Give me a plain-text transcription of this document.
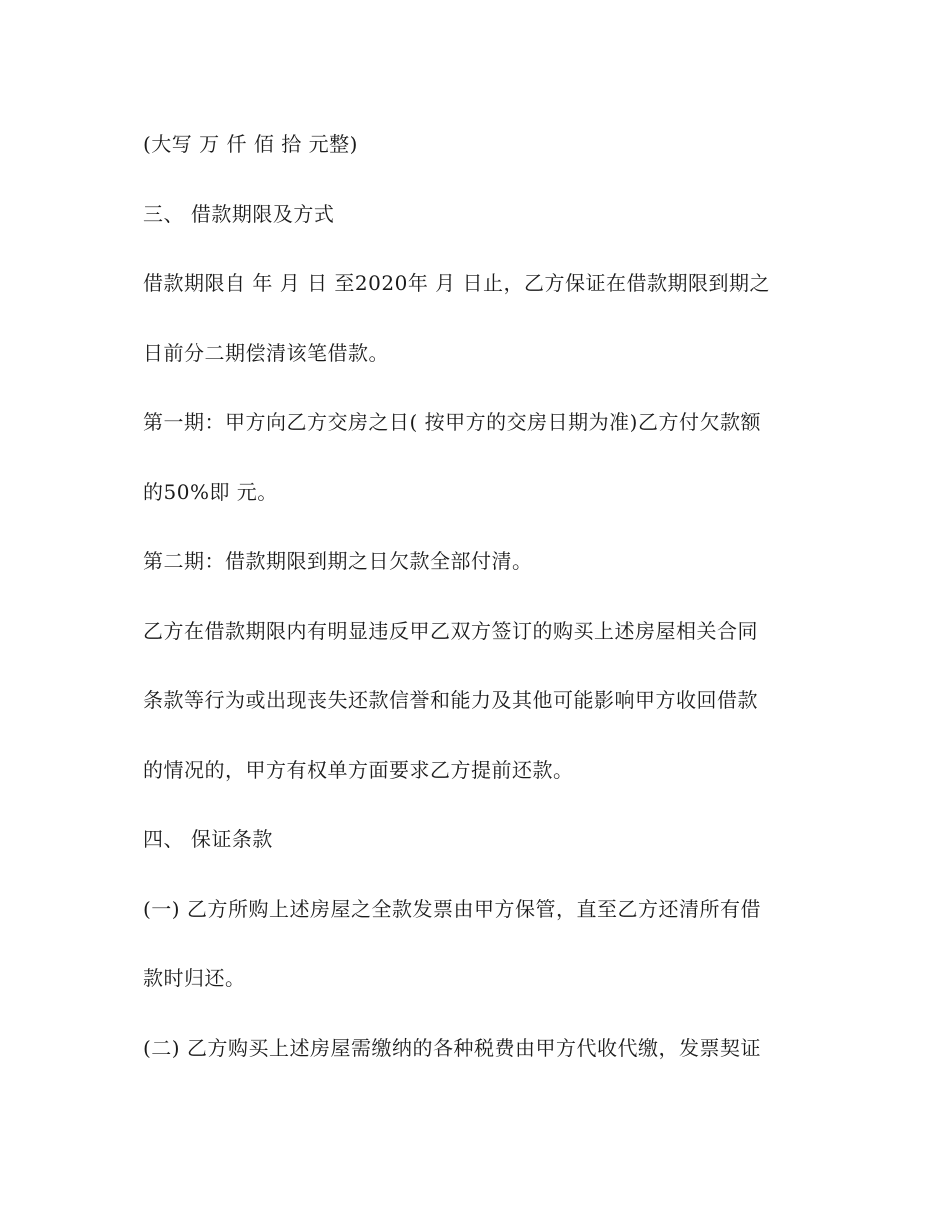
(大写 万 仟 佰 拾 元整)
三、 借款期限及方式
借款期限自 年 月 日 至2020年 月 日止，乙方保证在借款期限到期之
日前分二期偿清该笔借款。
第一期：甲方向乙方交房之日( 按甲方的交房日期为准)乙方付欠款额
的50%即 元。
第二期：借款期限到期之日欠款全部付清。
乙方在借款期限内有明显违反甲乙双方签订的购买上述房屋相关合同
条款等行为或出现丧失还款信誉和能力及其他可能影响甲方收回借款
的情况的，甲方有权单方面要求乙方提前还款。
四、 保证条款
(一) 乙方所购上述房屋之全款发票由甲方保管，直至乙方还清所有借
款时归还。
(二) 乙方购买上述房屋需缴纳的各种税费由甲方代收代缴，发票契证
